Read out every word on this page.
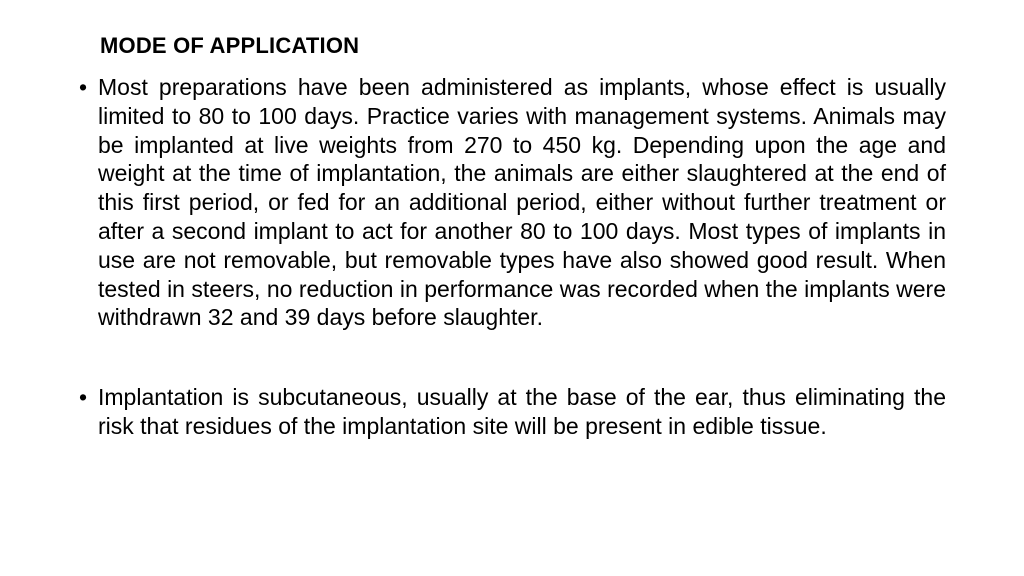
MODE OF APPLICATION
• Most preparations have been administered as implants, whose effect is usually limited to 80 to 100 days. Practice varies with management systems. Animals may be implanted at live weights from 270 to 450 kg. Depending upon the age and weight at the time of implantation, the animals are either slaughtered at the end of this first period, or fed for an additional period, either without further treatment or after a second implant to act for another 80 to 100 days. Most types of implants in use are not removable, but removable types have also showed good result. When tested in steers, no reduction in performance was recorded when the implants were withdrawn 32 and 39 days before slaughter.
• Implantation is subcutaneous, usually at the base of the ear, thus eliminating the risk that residues of the implantation site will be present in edible tissue.
